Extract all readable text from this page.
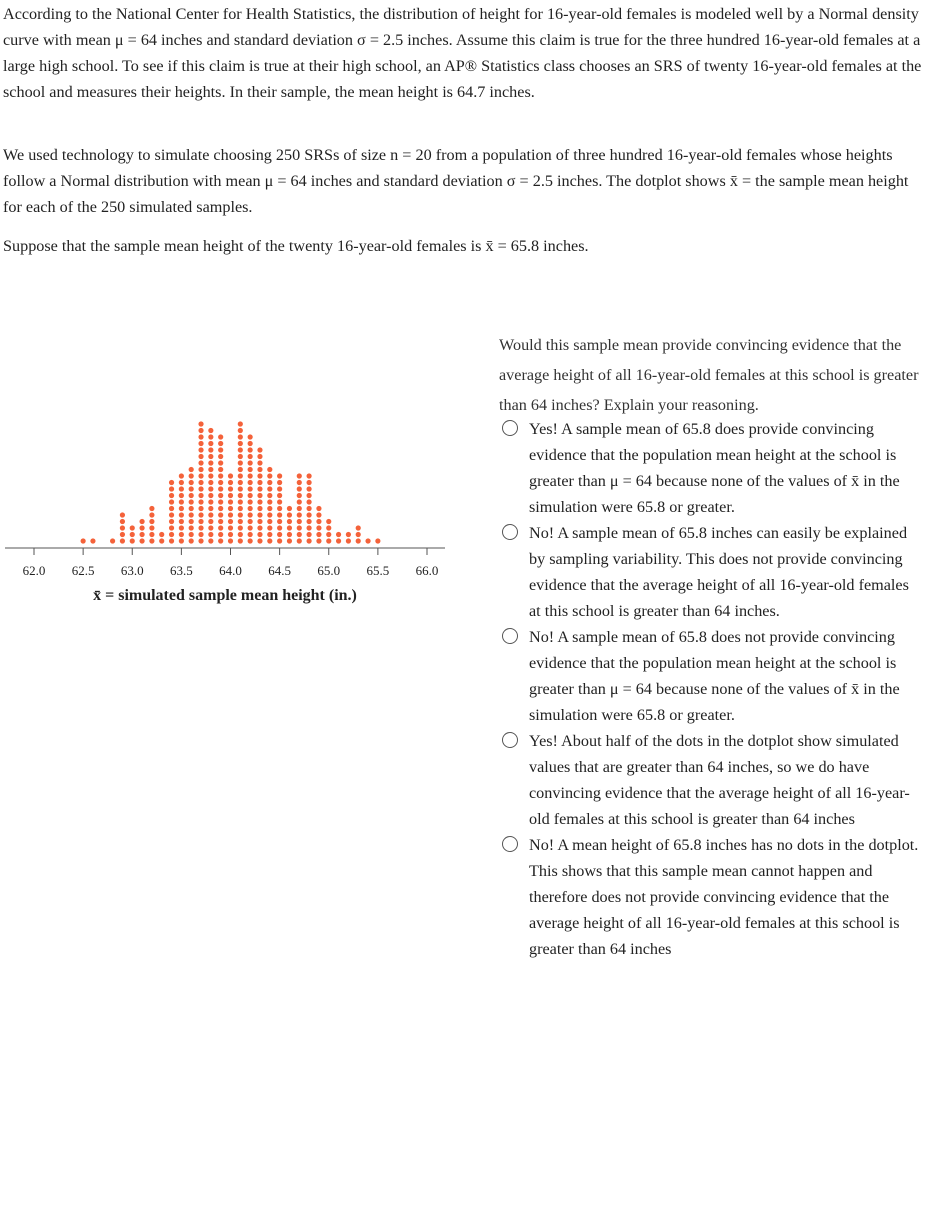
According to the National Center for Health Statistics, the distribution of height for 16-year-old females is modeled well by a Normal density curve with mean μ = 64 inches and standard deviation σ = 2.5 inches. Assume this claim is true for the three hundred 16-year-old females at a large high school. To see if this claim is true at their high school, an AP® Statistics class chooses an SRS of twenty 16-year-old females at the school and measures their heights. In their sample, the mean height is 64.7 inches.

We used technology to simulate choosing 250 SRSs of size n = 20 from a population of three hundred 16-year-old females whose heights follow a Normal distribution with mean μ = 64 inches and standard deviation σ = 2.5 inches. The dotplot shows x̄ = the sample mean height for each of the 250 simulated samples.

Suppose that the sample mean height of the twenty 16-year-old females is x̄ = 65.8 inches.

62.0 62.5 63.0 63.5 64.0 64.5 65.0 65.5 66.0
x̄ = simulated sample mean height (in.)
Would this sample mean provide convincing evidence that the average height of all 16-year-old females at this school is greater than 64 inches? Explain your reasoning.
Yes! A sample mean of 65.8 does provide convincing evidence that the population mean height at the school is greater than μ = 64 because none of the values of x̄ in the simulation were 65.8 or greater.
No! A sample mean of 65.8 inches can easily be explained by sampling variability. This does not provide convincing evidence that the average height of all 16-year-old females at this school is greater than 64 inches.
No! A sample mean of 65.8 does not provide convincing evidence that the population mean height at the school is greater than μ = 64 because none of the values of x̄ in the simulation were 65.8 or greater.
Yes! About half of the dots in the dotplot show simulated values that are greater than 64 inches, so we do have convincing evidence that the average height of all 16-year-old females at this school is greater than 64 inches
No! A mean height of 65.8 inches has no dots in the dotplot. This shows that this sample mean cannot happen and therefore does not provide convincing evidence that the average height of all 16-year-old females at this school is greater than 64 inches
